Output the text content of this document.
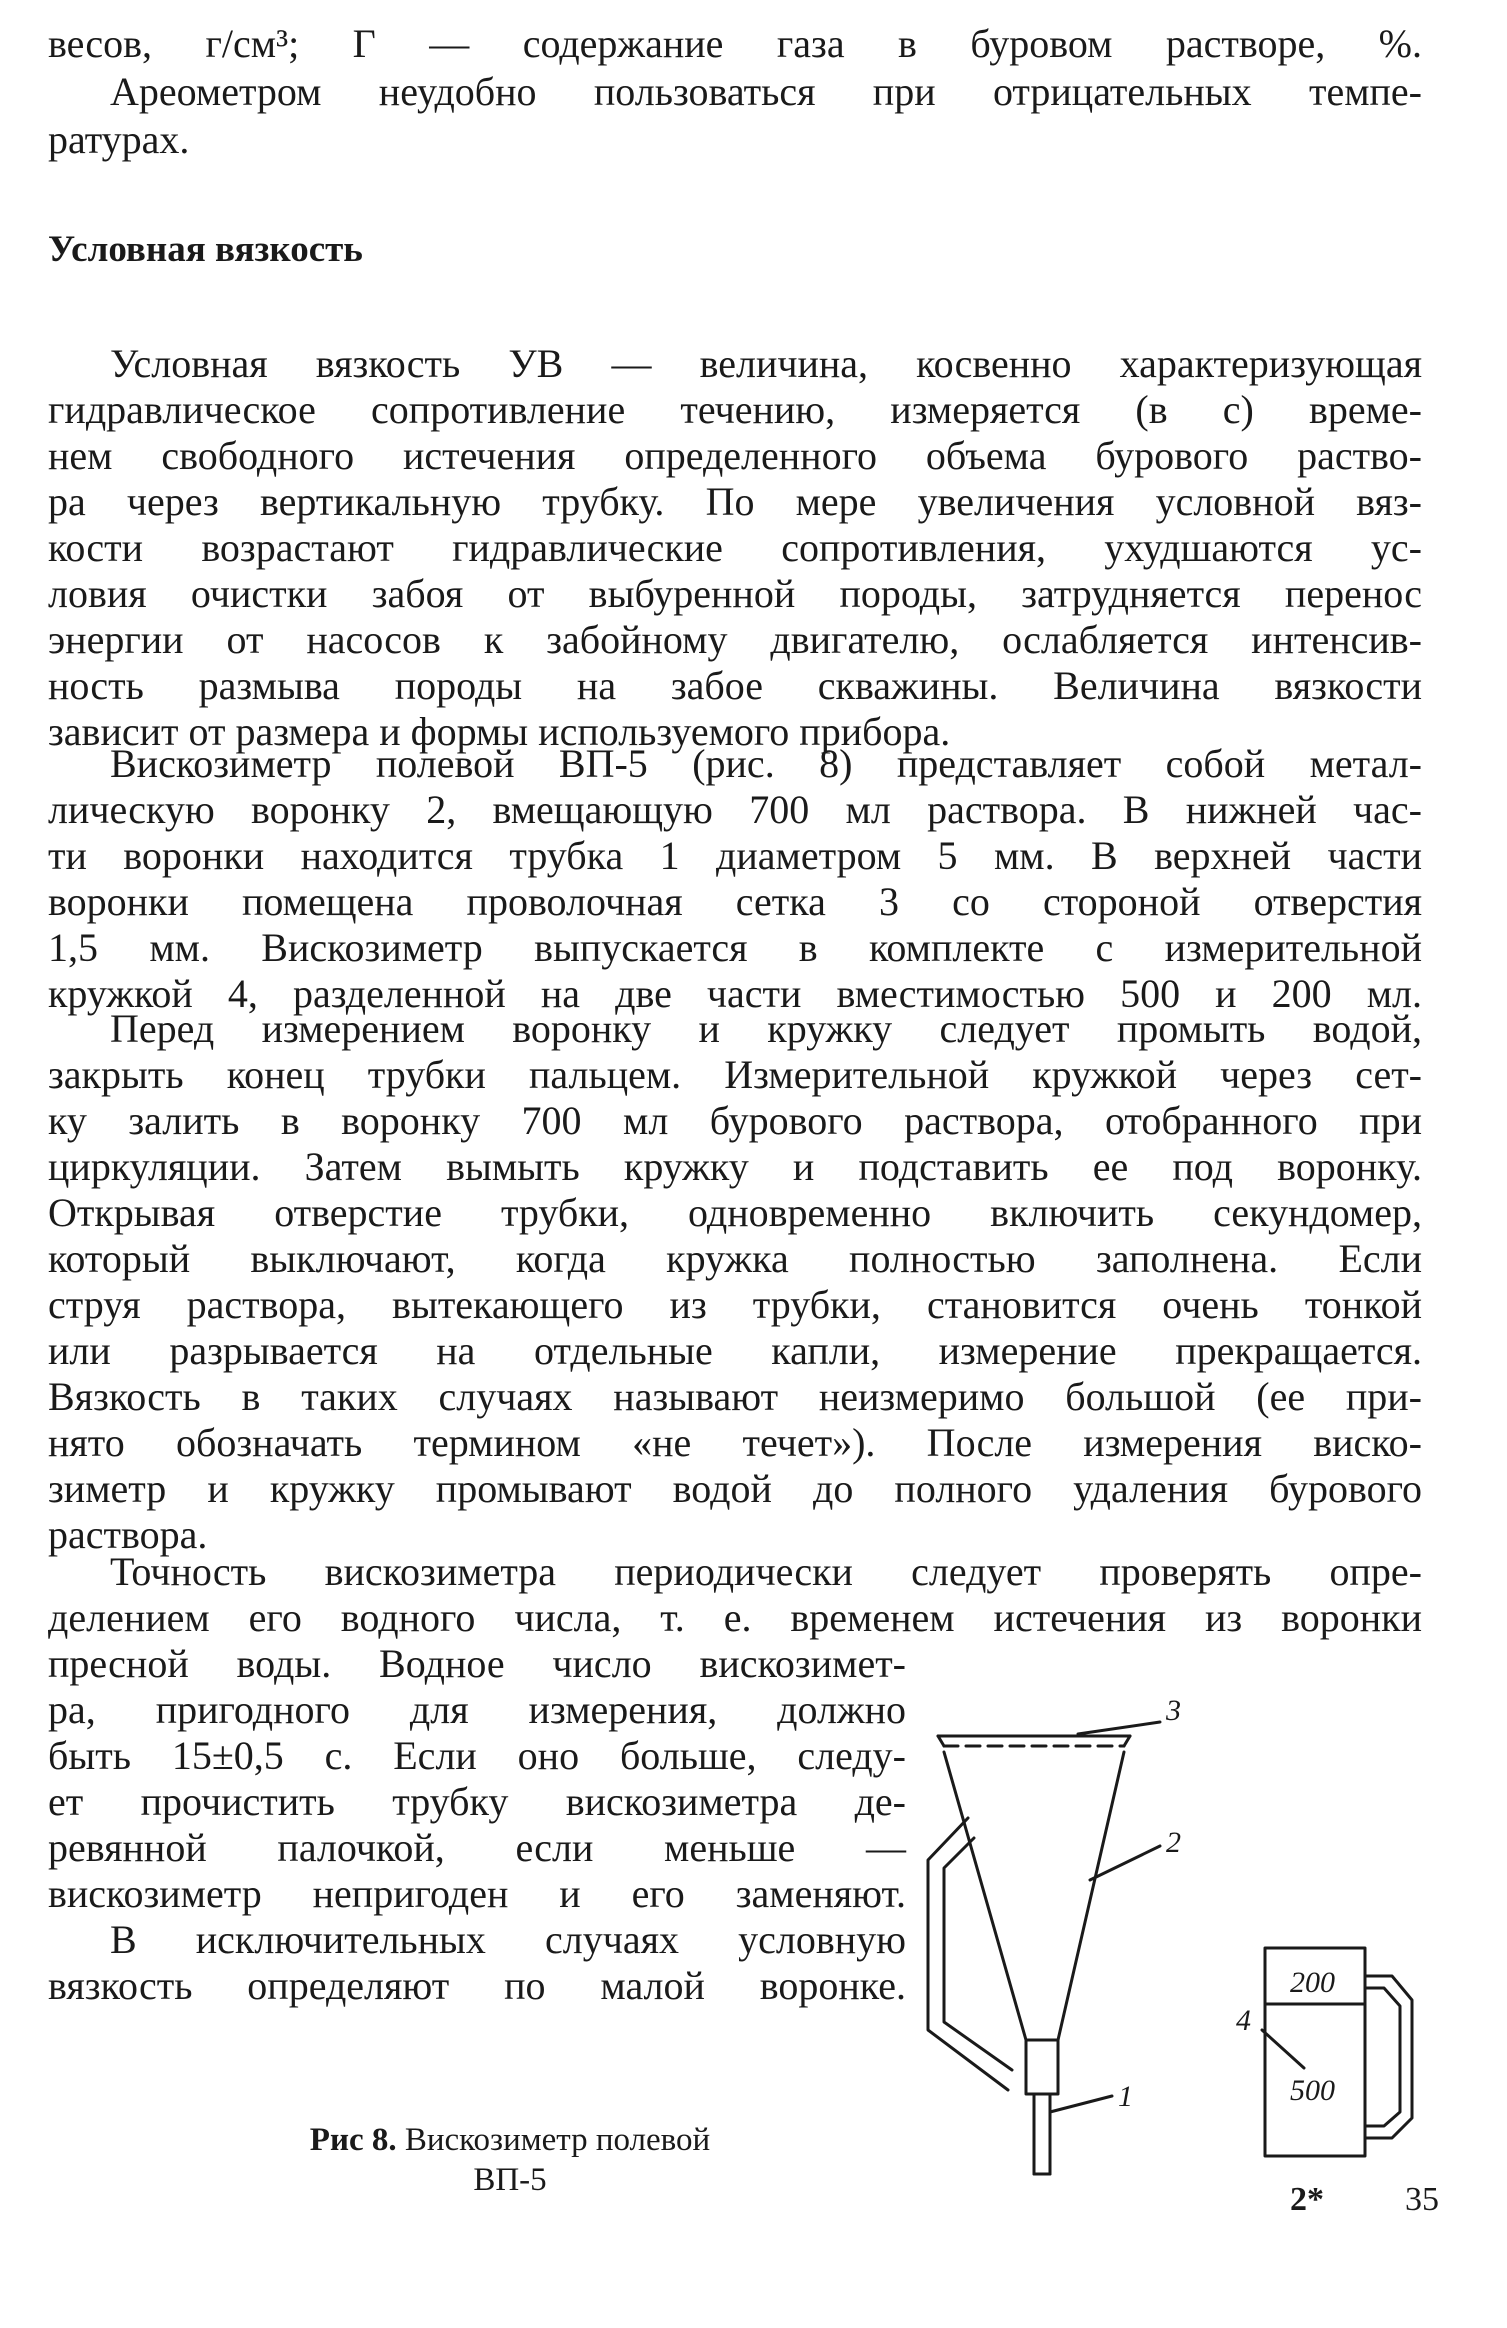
весов, г/см³; Г — содержание газа в буровом растворе, %.
Ареометром неудобно пользоваться при отрицательных темпе-
ратурах.
Условная вязкость
Условная вязкость УВ — величина, косвенно характеризующая
гидравлическое сопротивление течению, измеряется (в с) време-
нем свободного истечения определенного объема бурового раство-
ра через вертикальную трубку. По мере увеличения условной вяз-
кости возрастают гидравлические сопротивления, ухудшаются ус-
ловия очистки забоя от выбуренной породы, затрудняется перенос
энергии от насосов к забойному двигателю, ослабляется интенсив-
ность размыва породы на забое скважины. Величина вязкости
зависит от размера и формы используемого прибора.
Вискозиметр полевой ВП-5 (рис. 8) представляет собой метал-
лическую воронку 2, вмещающую 700 мл раствора. В нижней час-
ти воронки находится трубка 1 диаметром 5 мм. В верхней части
воронки помещена проволочная сетка 3 со стороной отверстия
1,5 мм. Вискозиметр выпускается в комплекте с измерительной
кружкой 4, разделенной на две части вместимостью 500 и 200 мл.
Перед измерением воронку и кружку следует промыть водой,
закрыть конец трубки пальцем. Измерительной кружкой через сет-
ку залить в воронку 700 мл бурового раствора, отобранного при
циркуляции. Затем вымыть кружку и подставить ее под воронку.
Открывая отверстие трубки, одновременно включить секундомер,
который выключают, когда кружка полностью заполнена. Если
струя раствора, вытекающего из трубки, становится очень тонкой
или разрывается на отдельные капли, измерение прекращается.
Вязкость в таких случаях называют неизмеримо большой (ее при-
нято обозначать термином «не течет»). После измерения виско-
зиметр и кружку промывают водой до полного удаления бурового
раствора.
Точность вискозиметра периодически следует проверять опре-
делением его водного числа, т. е. временем истечения из воронки
пресной воды. Водное число вискозимет-
ра, пригодного для измерения, должно
быть 15±0,5 с. Если оно больше, следу-
ет прочистить трубку вискозиметра де-
ревянной палочкой, если меньше —
вискозиметр непригоден и его заменяют.
В исключительных случаях условную
вязкость определяют по малой воронке.
3
2
1
4
200
500
Рис 8. Вискозиметр полевой
ВП-5
2* 35
